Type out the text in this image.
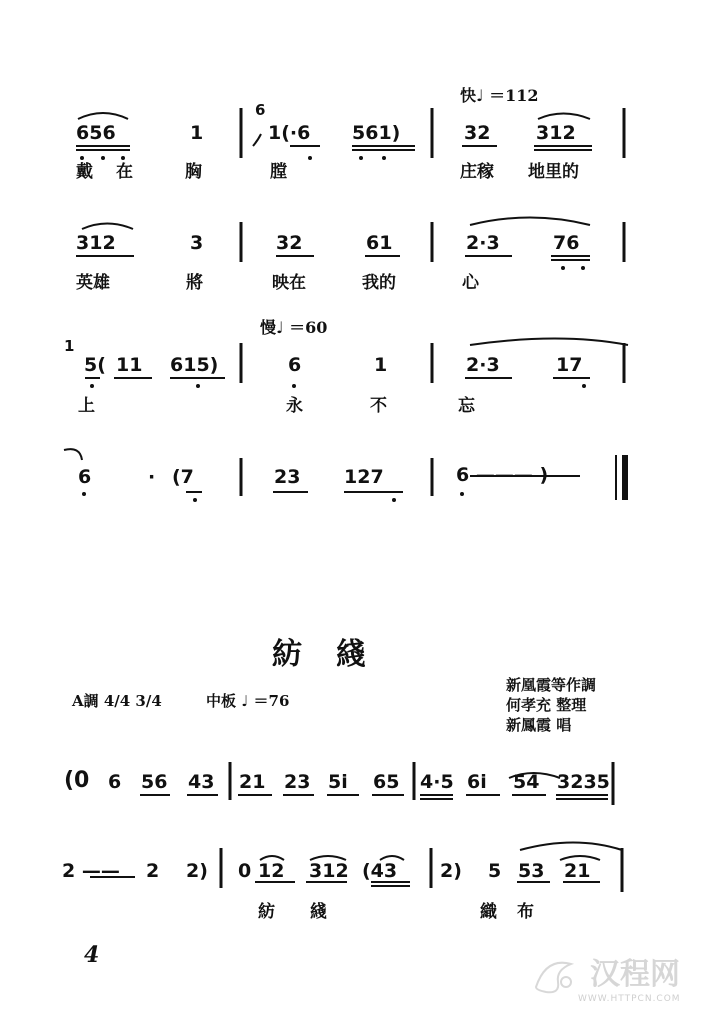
快♩ ＝112
656	1
6
1(·6 561)	32 312
戴 在	胸	膛	庄稼 地里的
312	3	32	61	2·3	76
英雄	將	映在	我的	心
慢♩ ＝60
1
5( 11 615)	6	1	2·3	17
上	永	不	忘
6	· (7	23 127	6 ——— )
紡　綫
A調 4/4 3/4	中板 ♩ ＝76
新凰霞等作調
何孝充 整理
新鳳霞 唱
(0 6 56 43 21 23 5i 65 4·5 6i 54 3235
2 —— 2 2) 0 12 312 (43 2) 5 53 21
紡 綫	織 布
4
汉程网
WWW.HTTPCN.COM
